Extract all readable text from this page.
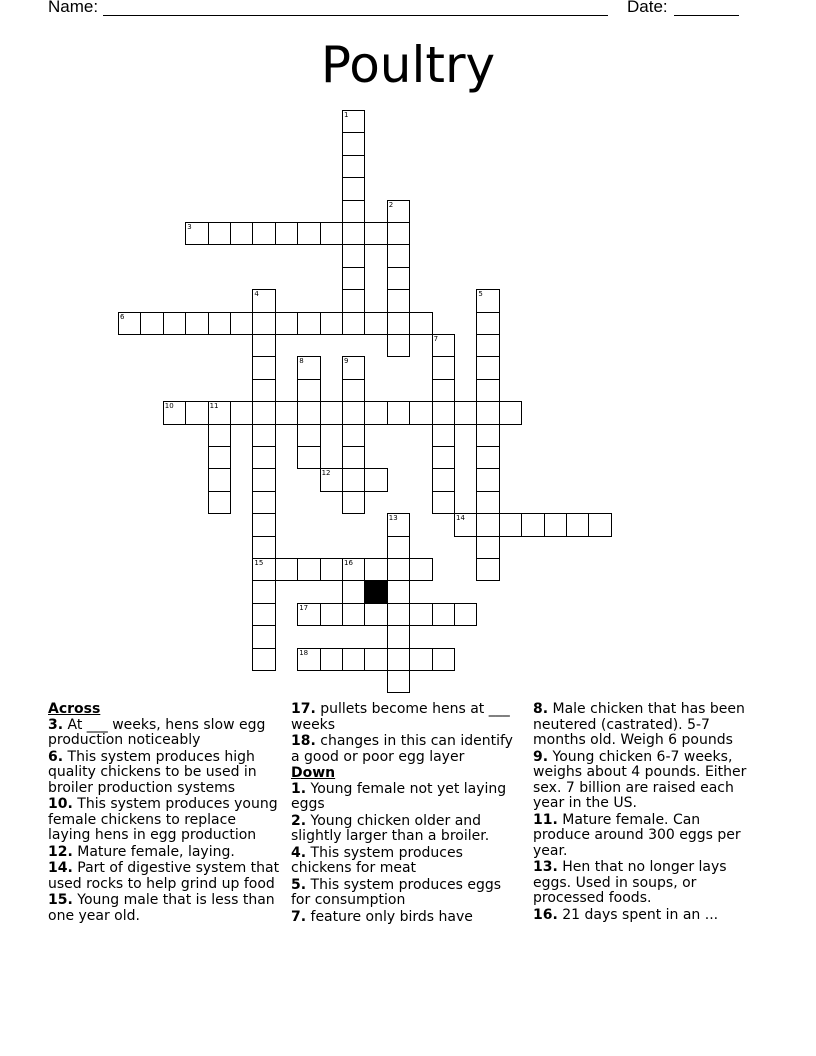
Name:	Date:
Poultry
1
2
3
4
15
5
6
7
8	9
10	11
12
13	14
16
17
18
Across
3. At ___ weeks, hens slow egg production noticeably
6. This system produces high quality chickens to be used in broiler production systems
10. This system produces young female chickens to replace laying hens in egg production
12. Mature female, laying.
14. Part of digestive system that used rocks to help grind up food
15. Young male that is less than one year old.
17. pullets become hens at ___ weeks
18. changes in this can identify a good or poor egg layer
Down
1. Young female not yet laying eggs
2. Young chicken older and slightly larger than a broiler.
4. This system produces chickens for meat
5. This system produces eggs for consumption
7. feature only birds have
8. Male chicken that has been neutered (castrated). 5-7 months old. Weigh 6 pounds
9. Young chicken 6-7 weeks, weighs about 4 pounds. Either sex. 7 billion are raised each year in the US.
11. Mature female. Can produce around 300 eggs per year.
13. Hen that no longer lays eggs. Used in soups, or processed foods.
16. 21 days spent in an ...
